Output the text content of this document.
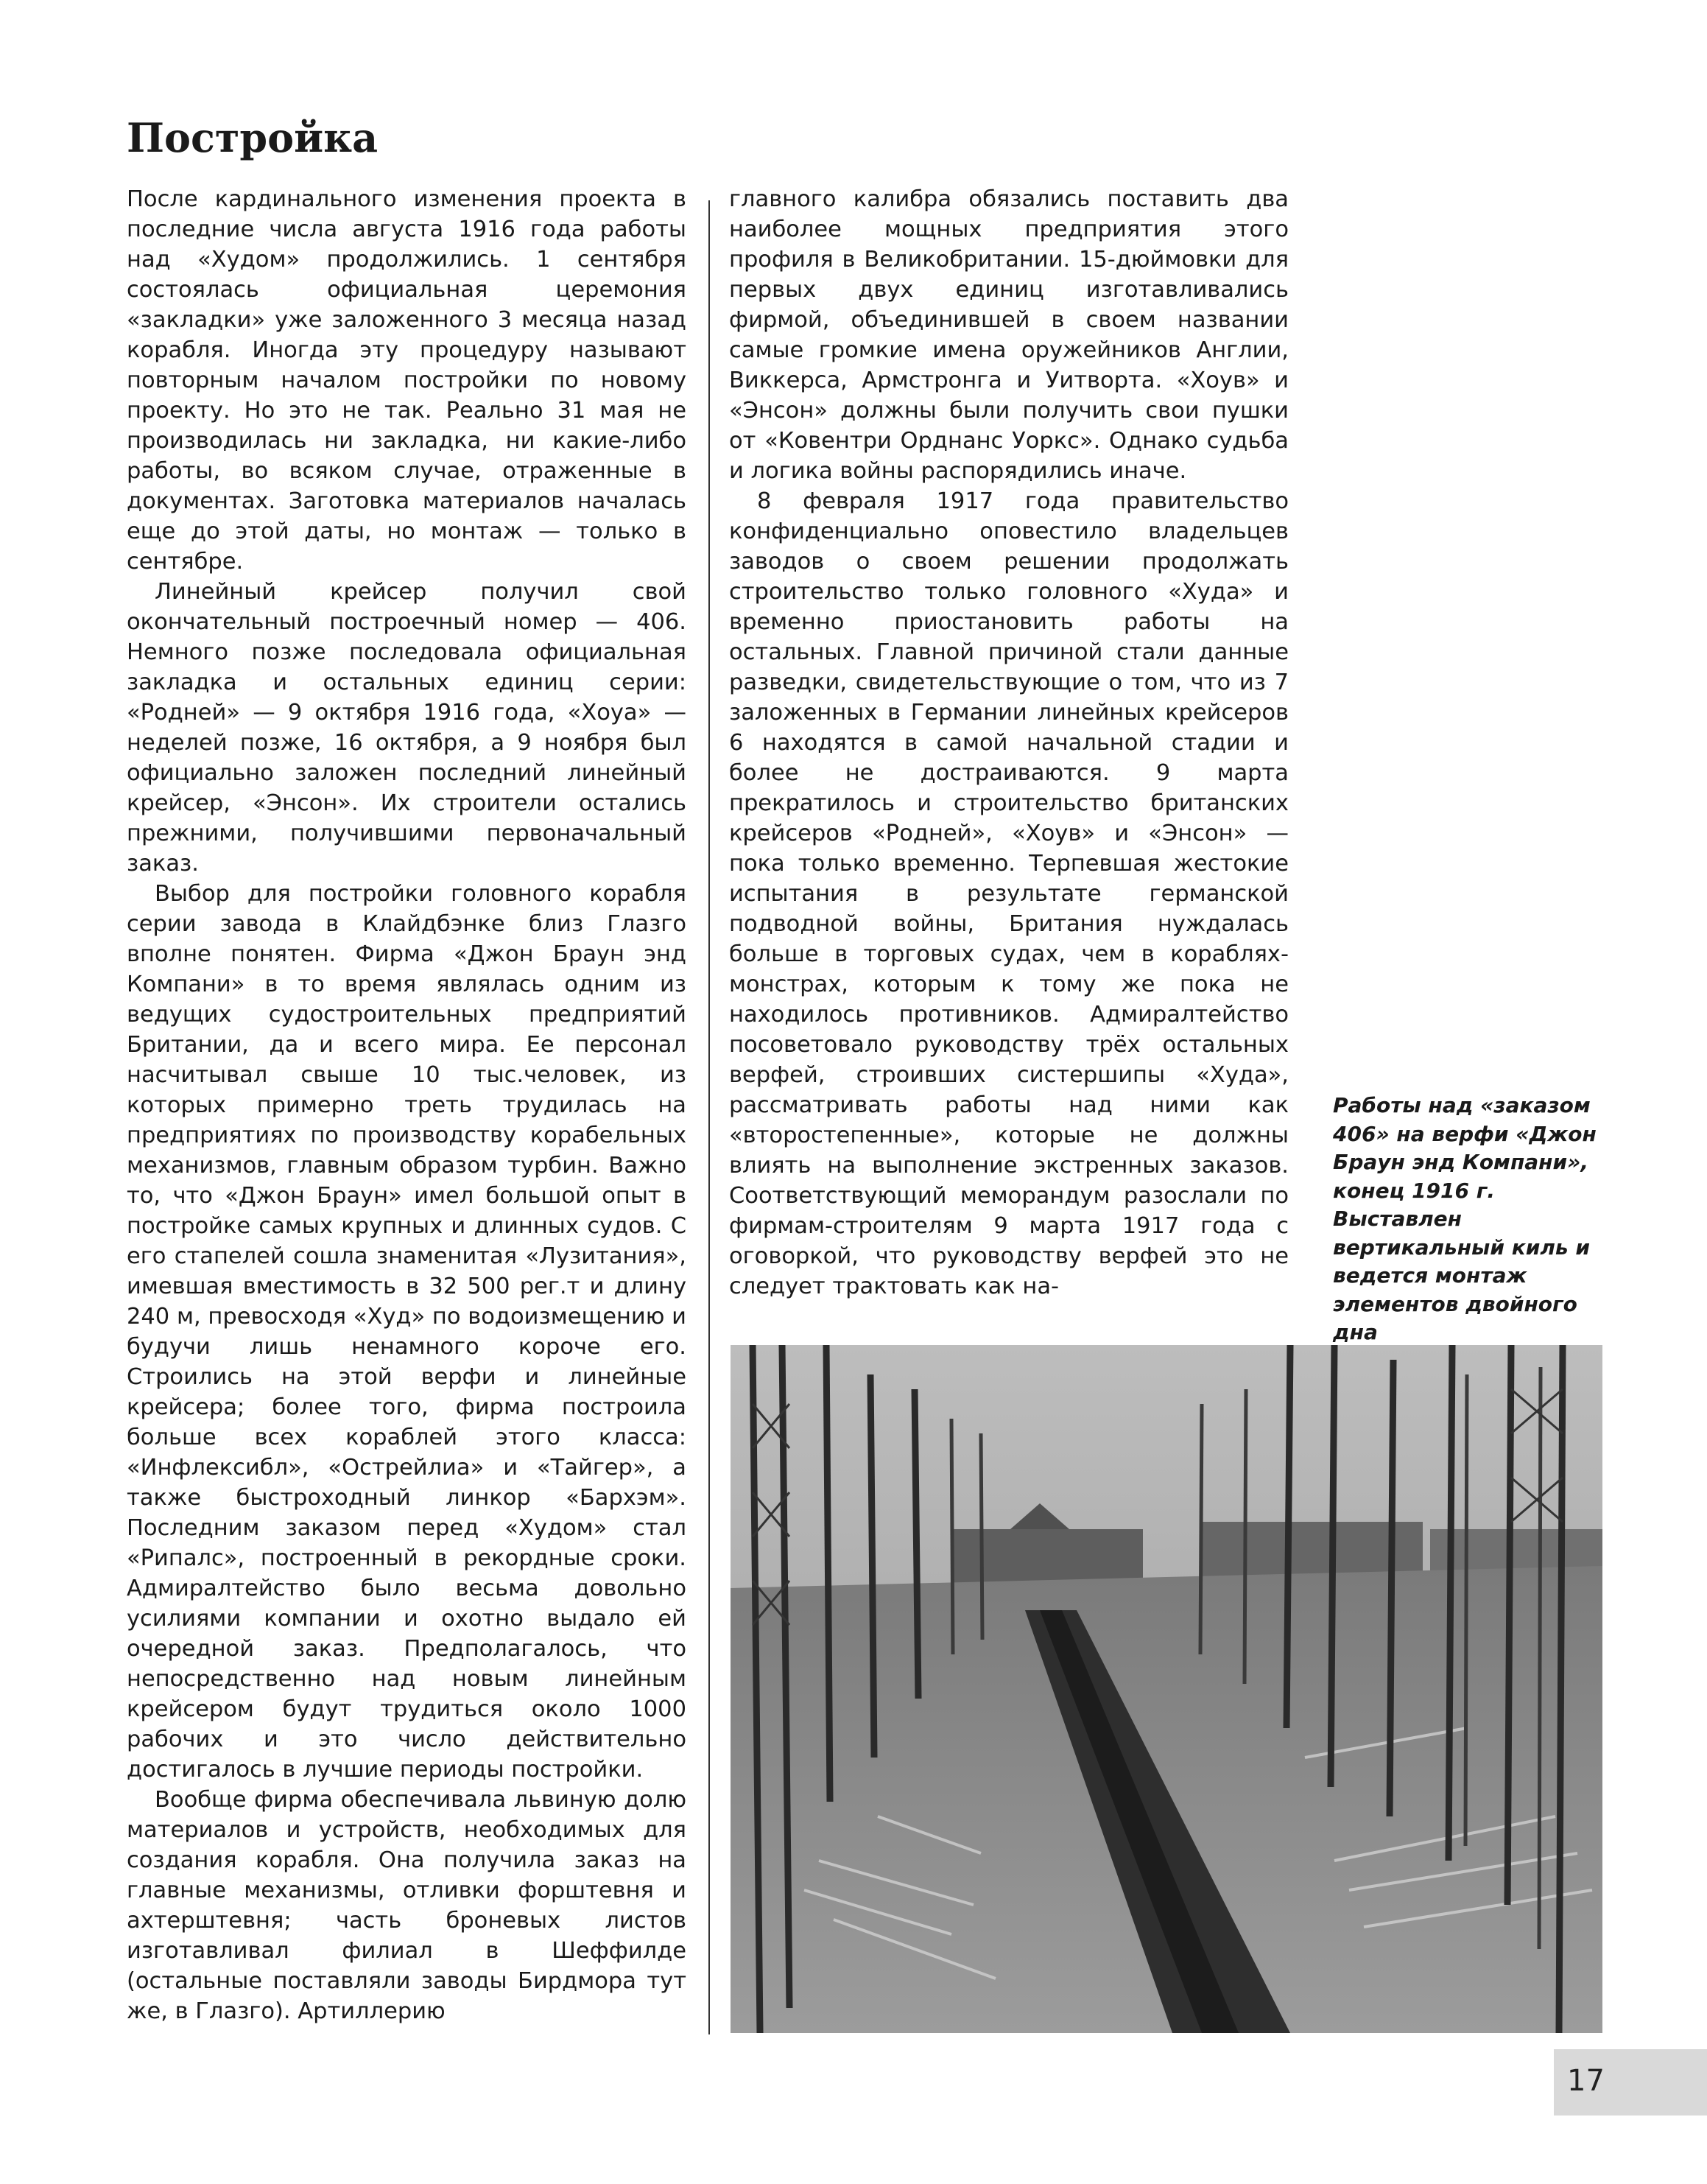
Постройка

После кардинального изменения проекта в последние числа августа 1916 года работы над «Худом» продолжились. 1 сентября состоялась официальная церемония «закладки» уже заложенного 3 месяца назад корабля. Иногда эту процедуру называют повторным началом постройки по новому проекту. Но это не так. Реально 31 мая не производилась ни закладка, ни какие-либо работы, во всяком случае, отраженные в документах. Заготовка материалов началась еще до этой даты, но монтаж — только в сентябре.

Линейный крейсер получил свой окончательный построечный номер — 406. Немного позже последовала официальная закладка и остальных единиц серии: «Родней» — 9 октября 1916 года, «Хоуа» — неделей позже, 16 октября, а 9 ноября был официально заложен последний линейный крейсер, «Энсон». Их строители остались прежними, получившими первоначальный заказ.

Выбор для постройки головного корабля серии завода в Клайдбэнке близ Глазго вполне понятен. Фирма «Джон Браун энд Компани» в то время являлась одним из ведущих судостроительных предприятий Британии, да и всего мира. Ее персонал насчитывал свыше 10 тыс.человек, из которых примерно треть трудилась на предприятиях по производству корабельных механизмов, главным образом турбин. Важно то, что «Джон Браун» имел большой опыт в постройке самых крупных и длинных судов. С его стапелей сошла знаменитая «Лузитания», имевшая вместимость в 32 500 рег.т и длину 240 м, превосходя «Худ» по водоизмещению и будучи лишь ненамного короче его. Строились на этой верфи и линейные крейсера; более того, фирма построила больше всех кораблей этого класса: «Инфлексибл», «Острейлиа» и «Тайгер», а также быстроходный линкор «Бархэм». Последним заказом перед «Худом» стал «Рипалс», построенный в рекордные сроки. Адмиралтейство было весьма довольно усилиями компании и охотно выдало ей очередной заказ. Предполагалось, что непосредственно над новым линейным крейсером будут трудиться около 1000 рабочих и это число действительно достигалось в лучшие периоды постройки.

Вообще фирма обеспечивала львиную долю материалов и устройств, необходимых для создания корабля. Она получила заказ на главные механизмы, отливки форштевня и ахтерштевня; часть броневых листов изготавливал филиал в Шеффилде (остальные поставляли заводы Бирдмора тут же, в Глазго). Артиллерию

главного калибра обязались поставить два наиболее мощных предприятия этого профиля в Великобритании. 15-дюймовки для первых двух единиц изготавливались фирмой, объединившей в своем названии самые громкие имена оружейников Англии, Виккерса, Армстронга и Уитворта. «Хоув» и «Энсон» должны были получить свои пушки от «Ковентри Орднанс Уоркс». Однако судьба и логика войны распорядились иначе.

8 февраля 1917 года правительство конфиденциально оповестило владельцев заводов о своем решении продолжать строительство только головного «Худа» и временно приостановить работы на остальных. Главной причиной стали данные разведки, свидетельствующие о том, что из 7 заложенных в Германии линейных крейсеров 6 находятся в самой начальной стадии и более не достраиваются. 9 марта прекратилось и строительство британских крейсеров «Родней», «Хоув» и «Энсон» — пока только временно. Терпевшая жестокие испытания в результате германской подводной войны, Британия нуждалась больше в торговых судах, чем в кораблях-монстрах, которым к тому же пока не находилось противников. Адмиралтейство посоветовало руководству трёх остальных верфей, строивших систершипы «Худа», рассматривать работы над ними как «второстепенные», которые не должны влиять на выполнение экстренных заказов. Соответствующий меморандум разослали по фирмам-строителям 9 марта 1917 года с оговоркой, что руководству верфей это не следует трактовать как на-

Работы над «заказом 406» на верфи «Джон Браун энд Компани», конец 1916 г. Выставлен вертикальный киль и ведется монтаж элементов двойного дна

17
